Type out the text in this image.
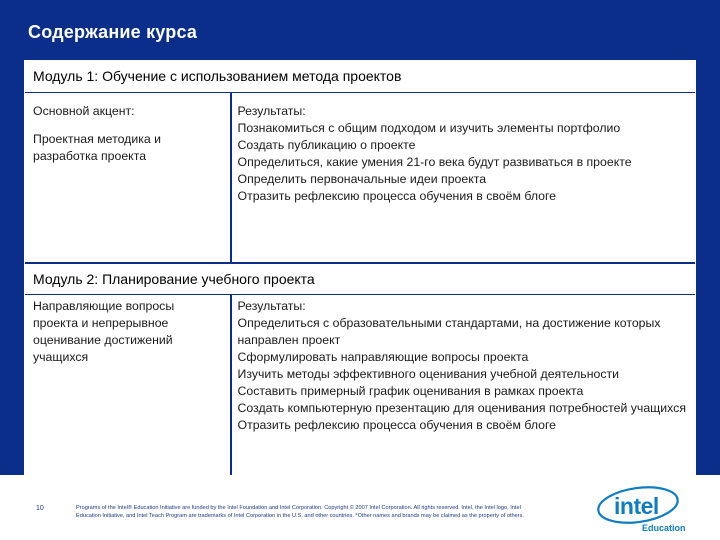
Содержание курса
Модуль 1: Обучение с использованием метода проектов

Основной акцент:

Проектная методика и разработка проекта

Результаты:

Познакомиться с общим подходом и изучить элементы портфолио

Создать публикацию о проекте

Определиться, какие умения 21-го века будут развиваться в проекте

Определить первоначальные идеи проекта

Отразить рефлексию процесса обучения в своём блоге

Модуль 2: Планирование учебного проекта

Направляющие вопросы проекта и непрерывное оценивание достижений учащихся

Результаты:

Определиться с образовательными стандартами, на достижение которых направлен проект

Сформулировать направляющие вопросы проекта

Изучить методы эффективного оценивания учебной деятельности

Составить примерный график оценивания в рамках проекта

Создать компьютерную презентацию для оценивания потребностей учащихся

Отразить рефлексию процесса обучения в своём блоге

10	Programs of the Intel® Education Initiative are funded by the Intel Foundation and Intel Corporation. Copyright © 2007 Intel Corporation. All rights reserved. Intel, the Intel logo, Intel Education Initiative, and Intel Teach Program are trademarks of Intel Corporation in the U.S. and other countries. *Other names and brands may be claimed as the property of others.	intel
Education
